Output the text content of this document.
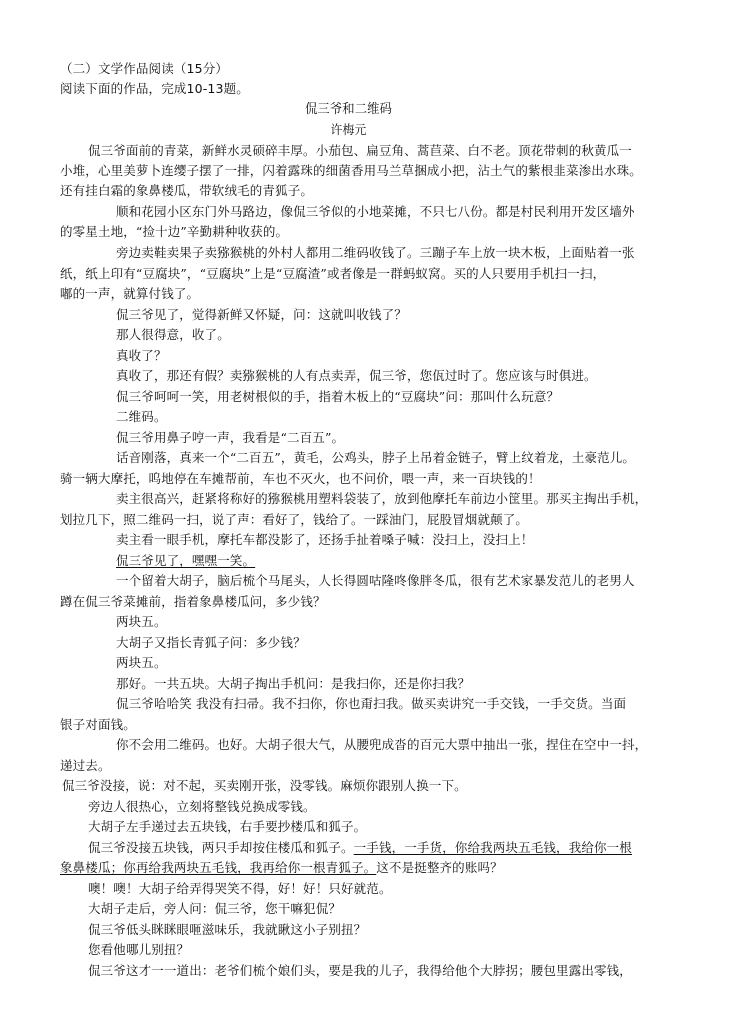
（二）文学作品阅读（15分）
阅读下面的作品，完成10-13题。
侃三爷和二维码
许梅元
侃三爷面前的青菜，新鲜水灵硕碎丰厚。小茄包、扁豆角、蒿苣菜、白不老。顶花带刺的秋黄瓜一
小堆，心里美萝卜连缨子摆了一排，闪着露珠的细菌香用马兰草捆成小把，沾土气的紫根韭菜渗出水珠。
还有挂白霜的象鼻楼瓜，带软绒毛的青狐子。
顺和花园小区东门外马路边，像侃三爷似的小地菜摊，不只七八份。都是村民利用开发区墙外
的零星土地，“捡十边”辛勤耕种收获的。
旁边卖鞋卖果子卖猕猴桃的外村人都用二维码收钱了。三蹦子车上放一块木板，上面贴着一张
纸，纸上印有“豆腐块”，“豆腐块”上是“豆腐渣”或者像是一群蚂蚁窝。买的人只要用手机扫一扫，
嘟的一声，就算付钱了。
侃三爷见了，觉得新鲜又怀疑，问：这就叫收钱了？
那人很得意，收了。
真收了？
真收了，那还有假？卖猕猴桃的人有点卖弄，侃三爷，您佤过时了。您应该与时俱进。
侃三爷呵呵一笑，用老树根似的手，指着木板上的“豆腐块”问：那叫什么玩意？
二维码。
侃三爷用鼻子哼一声，我看是“二百五”。
话音刚落，真来一个“二百五”，黄毛，公鸡头，脖子上吊着金链子，臂上纹着龙，土豪范儿。
骑一辆大摩托，呜地停在车摊帮前，车也不灭火，也不问价，喂一声，来一百块钱的！
卖主很高兴，赶紧将称好的猕猴桃用塑料袋装了，放到他摩托车前边小筐里。那买主掏出手机，
划拉几下，照二维码一扫，说了声：看好了，钱给了。一踩油门，屁股冒烟就颠了。
卖主看一眼手机，摩托车都没影了，还扬手扯着嗓子喊：没扫上，没扫上！
侃三爷见了，嘿嘿一笑。
一个留着大胡子，脑后梳个马尾头，人长得圆咕隆咚像胖冬瓜，很有艺术家暴发范儿的老男人
蹲在侃三爷菜摊前，指着象鼻楼瓜问，多少钱？
两块五。
大胡子又指长青狐子问：多少钱？
两块五。
那好。一共五块。大胡子掏出手机问：是我扫你，还是你扫我？
侃三爷哈哈笑 我没有扫帚。我不扫你，你也甭扫我。做买卖讲究一手交钱，一手交货。当面
银子对面钱。
你不会用二维码。也好。大胡子很大气，从腰兜成沓的百元大票中抽出一张，捏住在空中一抖，
递过去。
侃三爷没接，说：对不起，买卖刚开张，没零钱。麻烦你跟别人换一下。
旁边人很热心，立刻将整钱兑换成零钱。
大胡子左手递过去五块钱，右手要抄楼瓜和狐子。
侃三爷没接五块钱，两只手却按住楼瓜和狐子。一手钱，一手货，你给我两块五毛钱，我给你一根
象鼻楼瓜；你再给我两块五毛钱，我再给你一根青狐子。这不是挺整齐的账吗？
噢！噢！大胡子给弄得哭笑不得，好！好！只好就范。
大胡子走后，旁人问：侃三爷，您干嘛犯侃？
侃三爷低头眯眯眼咂滋味乐，我就瞅这小子别扭？
您看他哪儿别扭？
侃三爷这才一一道出：老爷们梳个娘们头，要是我的儿子，我得给他个大脖拐；腰包里露出零钱，
